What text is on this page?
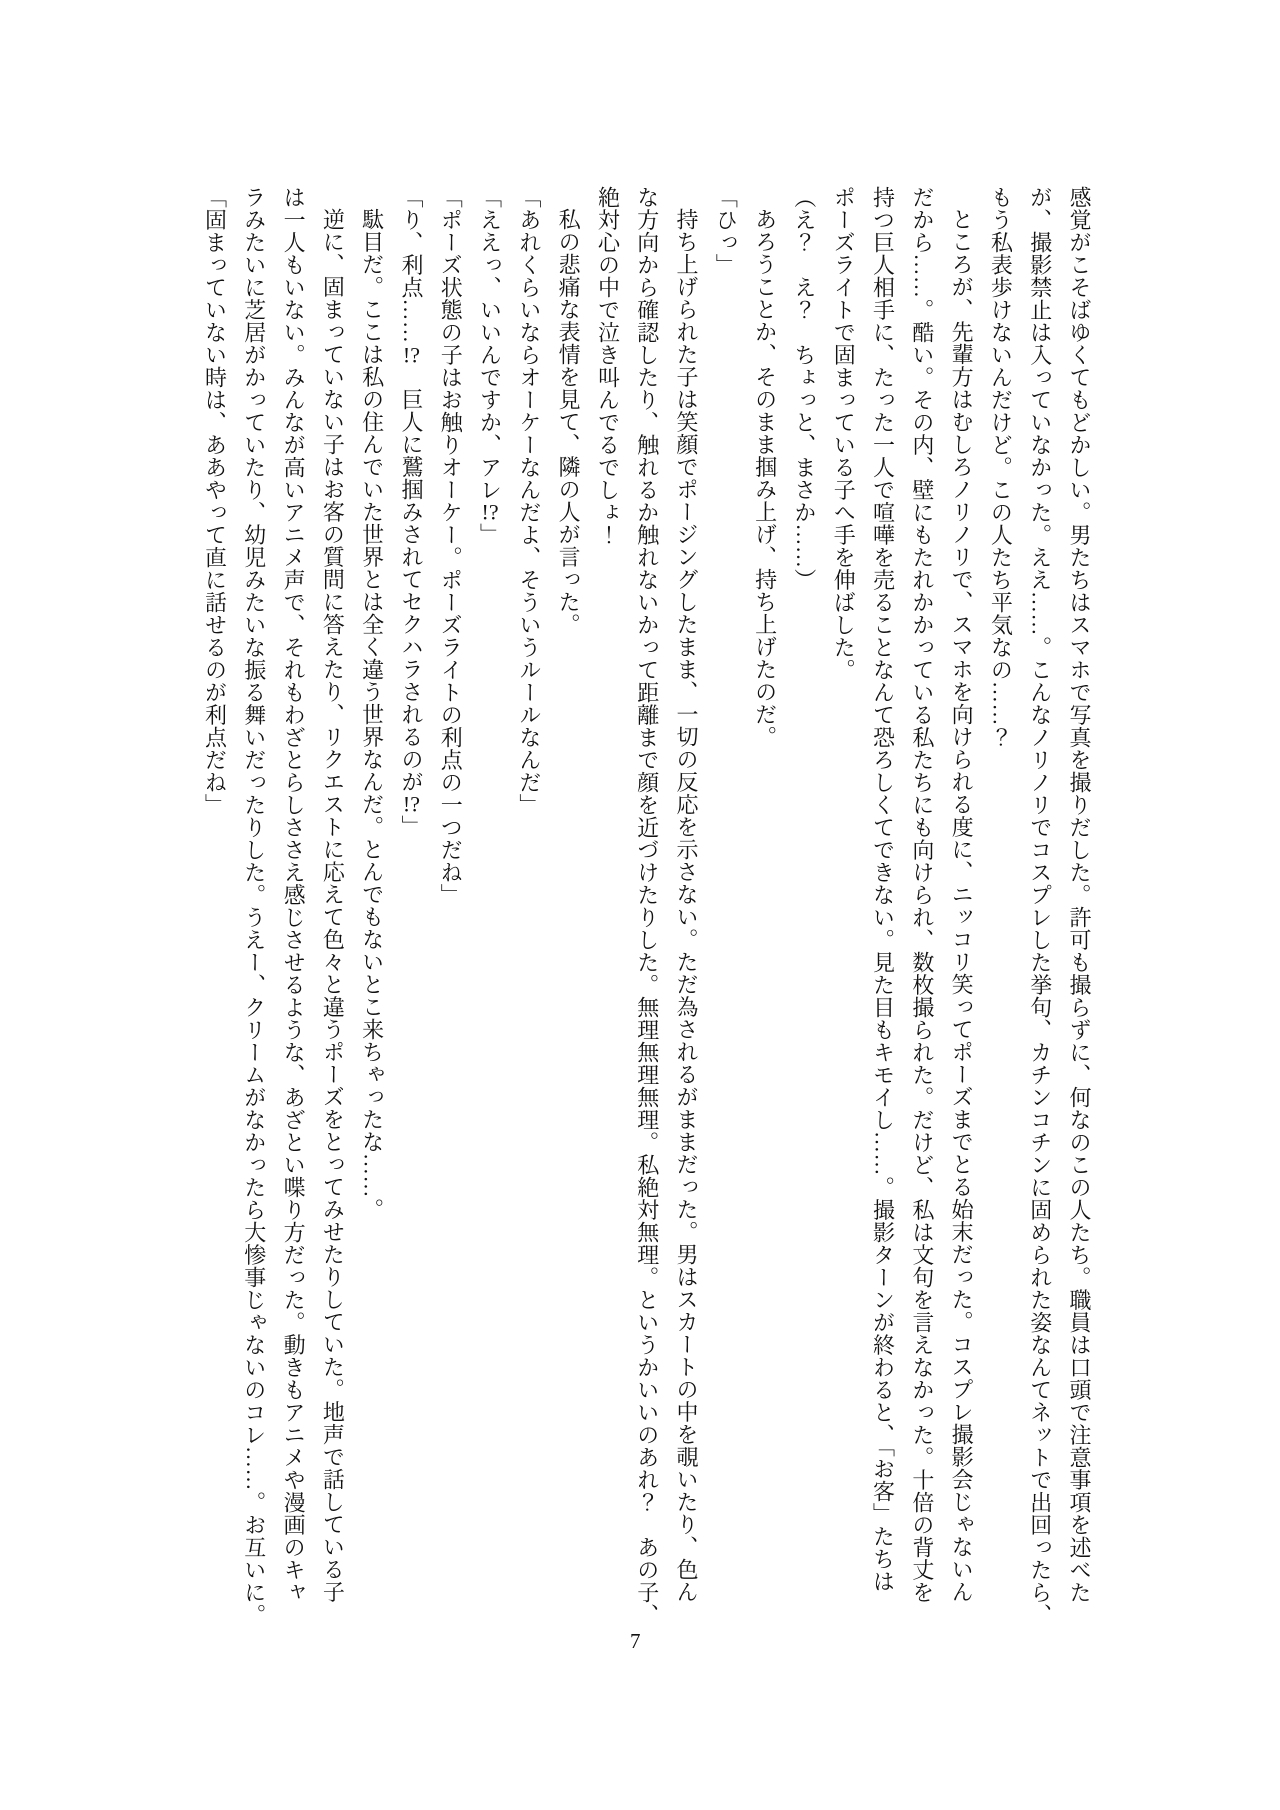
感覚がこそばゆくてもどかしい。男たちはスマホで写真を撮りだした。許可も撮らずに、何なのこの人たち。職員は口頭で注意事項を述べた

が、撮影禁止は入っていなかった。ええ……。こんなノリノリでコスプレした挙句、カチンコチンに固められた姿なんてネットで出回ったら、

もう私表歩けないんだけど。この人たち平気なの……？

ところが、先輩方はむしろノリノリで、スマホを向けられる度に、ニッコリ笑ってポーズまでとる始末だった。コスプレ撮影会じゃないん

だから……。酷い。その内、壁にもたれかかっている私たちにも向けられ、数枚撮られた。だけど、私は文句を言えなかった。十倍の背丈を

持つ巨人相手に、たった一人で喧嘩を売ることなんて恐ろしくてできない。見た目もキモイし……。撮影ターンが終わると、「お客」たちは

ポーズライトで固まっている子へ手を伸ばした。

（え？　え？　ちょっと、まさか……）

あろうことか、そのまま掴み上げ、持ち上げたのだ。

「ひっ」

持ち上げられた子は笑顔でポージングしたまま、一切の反応を示さない。ただ為されるがままだった。男はスカートの中を覗いたり、色ん

な方向から確認したり、触れるか触れないかって距離まで顔を近づけたりした。無理無理無理。私絶対無理。というかいいのあれ？　あの子、

絶対心の中で泣き叫んでるでしょ！

私の悲痛な表情を見て、隣の人が言った。

「あれくらいならオーケーなんだよ、そういうルールなんだ」

「ええっ、いいんですか、アレ!?」

「ポーズ状態の子はお触りオーケー。ポーズライトの利点の一つだね」

「り、利点……!?　巨人に鷲掴みされてセクハラされるのが!?」

駄目だ。ここは私の住んでいた世界とは全く違う世界なんだ。とんでもないとこ来ちゃったな……。

逆に、固まっていない子はお客の質問に答えたり、リクエストに応えて色々と違うポーズをとってみせたりしていた。地声で話している子

は一人もいない。みんなが高いアニメ声で、それもわざとらしささえ感じさせるような、あざとい喋り方だった。動きもアニメや漫画のキャ

ラみたいに芝居がかっていたり、幼児みたいな振る舞いだったりした。うえー、クリームがなかったら大惨事じゃないのコレ……。お互いに。

「固まっていない時は、ああやって直に話せるのが利点だね」

7
